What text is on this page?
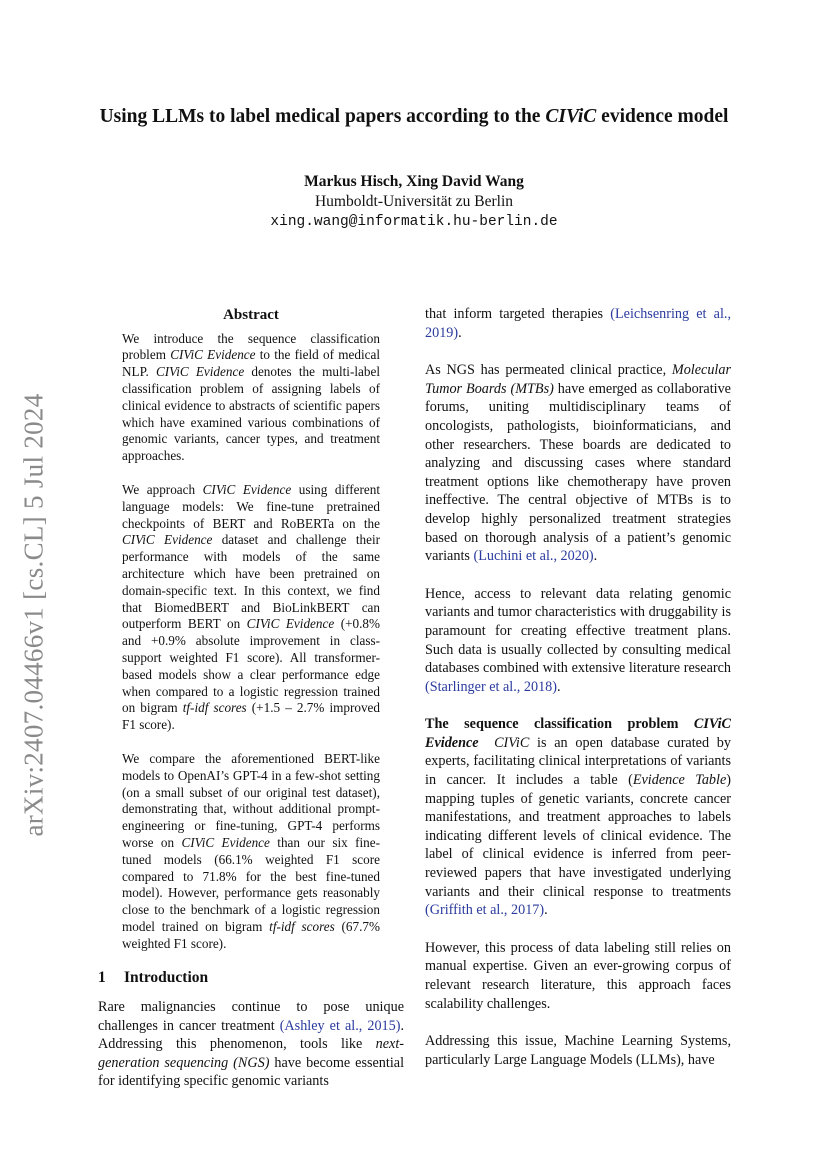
arXiv:2407.04466v1 [cs.CL] 5 Jul 2024
Using LLMs to label medical papers according to the CIViC evidence model
Markus Hisch, Xing David Wang
Humboldt-Universität zu Berlin
xing.wang@informatik.hu-berlin.de
Abstract

We introduce the sequence classification problem CIViC Evidence to the field of medical NLP. CIViC Evidence denotes the multi-label classification problem of assigning labels of clinical evidence to abstracts of scientific papers which have examined various combinations of genomic variants, cancer types, and treatment approaches.

We approach CIViC Evidence using different language models: We fine-tune pretrained checkpoints of BERT and RoBERTa on the CIViC Evidence dataset and challenge their performance with models of the same architecture which have been pretrained on domain-specific text. In this context, we find that BiomedBERT and BioLinkBERT can outperform BERT on CIViC Evidence (+0.8% and +0.9% absolute improvement in class-support weighted F1 score). All transformer-based models show a clear performance edge when compared to a logistic regression trained on bigram tf-idf scores (+1.5 – 2.7% improved F1 score).

We compare the aforementioned BERT-like models to OpenAI’s GPT-4 in a few-shot setting (on a small subset of our original test dataset), demonstrating that, without additional prompt-engineering or fine-tuning, GPT-4 performs worse on CIViC Evidence than our six fine-tuned models (66.1% weighted F1 score compared to 71.8% for the best fine-tuned model). However, performance gets reasonably close to the benchmark of a logistic regression model trained on bigram tf-idf scores (67.7% weighted F1 score).

1 Introduction

Rare malignancies continue to pose unique challenges in cancer treatment (Ashley et al., 2015). Addressing this phenomenon, tools like next-generation sequencing (NGS) have become essential for identifying specific genomic variants

that inform targeted therapies (Leichsenring et al., 2019).

As NGS has permeated clinical practice, Molecular Tumor Boards (MTBs) have emerged as collaborative forums, uniting multidisciplinary teams of oncologists, pathologists, bioinformaticians, and other researchers. These boards are dedicated to analyzing and discussing cases where standard treatment options like chemotherapy have proven ineffective. The central objective of MTBs is to develop highly personalized treatment strategies based on thorough analysis of a patient’s genomic variants (Luchini et al., 2020).

Hence, access to relevant data relating genomic variants and tumor characteristics with druggability is paramount for creating effective treatment plans. Such data is usually collected by consulting medical databases combined with extensive literature research (Starlinger et al., 2018).

The sequence classification problem CIViC Evidence CIViC is an open database curated by experts, facilitating clinical interpretations of variants in cancer. It includes a table (Evidence Table) mapping tuples of genetic variants, concrete cancer manifestations, and treatment approaches to labels indicating different levels of clinical evidence. The label of clinical evidence is inferred from peer-reviewed papers that have investigated underlying variants and their clinical response to treatments (Griffith et al., 2017).

However, this process of data labeling still relies on manual expertise. Given an ever-growing corpus of relevant research literature, this approach faces scalability challenges.

Addressing this issue, Machine Learning Systems, particularly Large Language Models (LLMs), have
